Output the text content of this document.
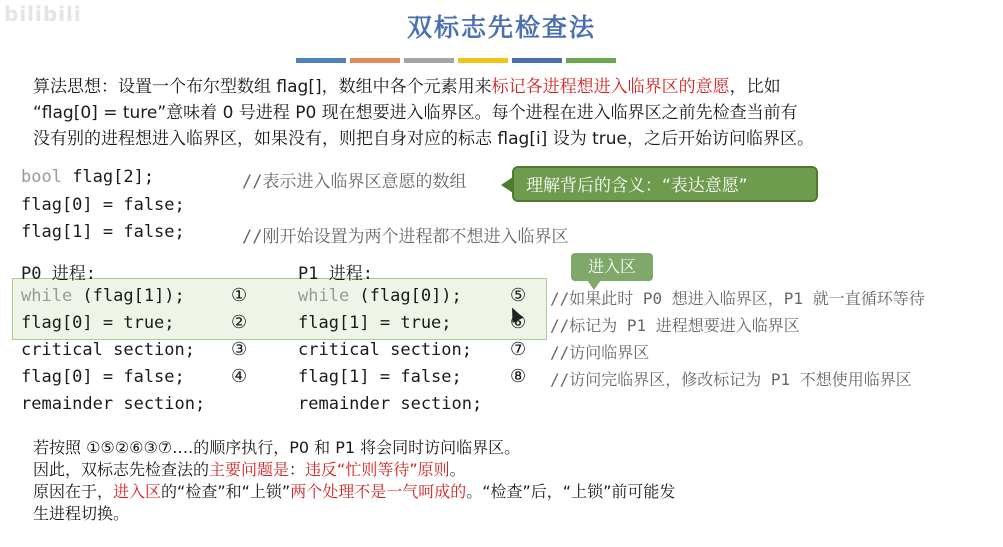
bilibili	双标志先检查法
算法思想：设置一个布尔型数组 flag[]，数组中各个元素用来标记各进程想进入临界区的意愿，比如
“flag[0] = ture”意味着 0 号进程 P0 现在想要进入临界区。每个进程在进入临界区之前先检查当前有
没有别的进程想进入临界区，如果没有，则把自身对应的标志 flag[i] 设为 true，之后开始访问临界区。
bool flag[2];	//表示进入临界区意愿的数组
flag[0] = false;
flag[1] = false;	//刚开始设置为两个进程都不想进入临界区
理解背后的含义：“表达意愿”
进入区
P0 进程:
while (flag[1]);
flag[0] = true;
critical section;
flag[0] = false;
remainder section;
①
②
③
④
P1 进程:
while (flag[0]);
flag[1] = true;
critical section;
flag[1] = false;
remainder section;
⑤
⑥
⑦
⑧
//如果此时 P0 想进入临界区，P1 就一直循环等待
//标记为 P1 进程想要进入临界区
//访问临界区
//访问完临界区，修改标记为 P1 不想使用临界区
若按照 ①⑤②⑥③⑦….的顺序执行，P0 和 P1 将会同时访问临界区。
因此，双标志先检查法的主要问题是：违反“忙则等待”原则。
原因在于，进入区的“检查”和“上锁”两个处理不是一气呵成的。“检查”后，“上锁”前可能发
生进程切换。
